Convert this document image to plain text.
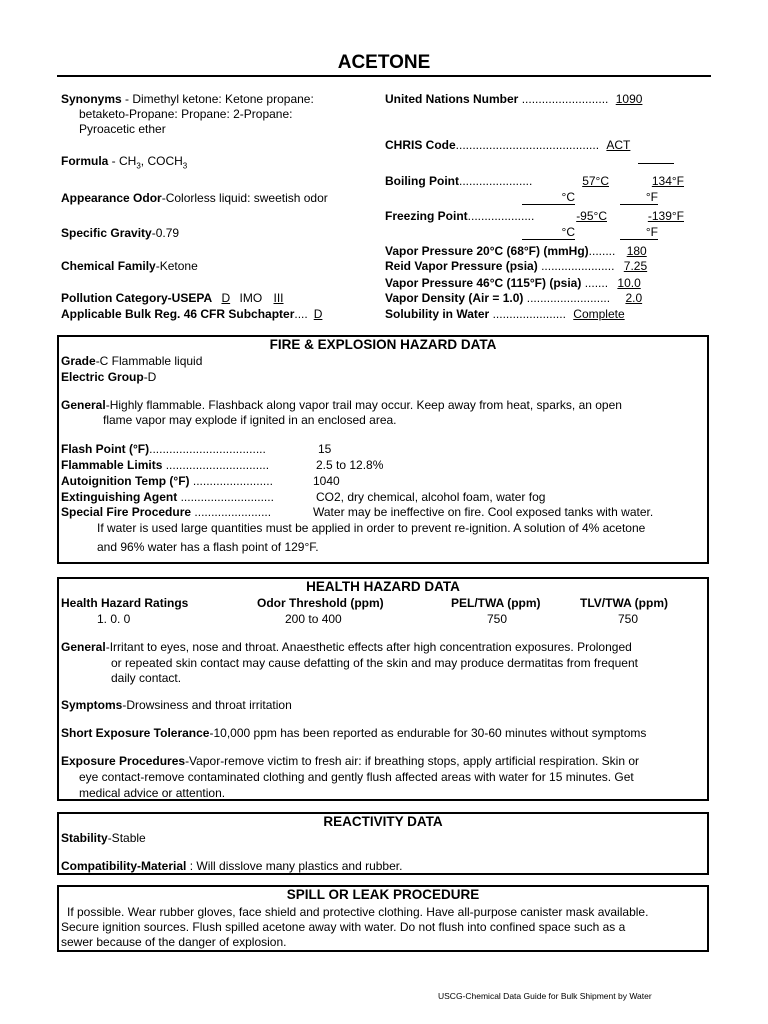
ACETONE
Synonyms - Dimethyl ketone: Ketone propane:
betaketo-Propane: Propane: 2-Propane:
Pyroacetic ether
Formula - $CH_3$, $COCH_3$
Appearance Odor-Colorless liquid: sweetish odor
Specific Gravity-0.79
Chemical Family-Ketone
Pollution Category-USEPA D IMO III
Applicable Bulk Reg. 46 CFR Subchapter.... D
United Nations Number .......................... 1090
CHRIS Code........................................... ACT
Boiling Point......................	57°C	134°F
°C	°F
Freezing Point....................	-95°C	-139°F
°C	°F
Vapor Pressure 20°C (68°F) (mmHg)........ 180
Reid Vapor Pressure (psia) ...................... 7.25
Vapor Pressure 46°C (115°F) (psia) ....... 10.0
Vapor Density (Air = 1.0) ......................... 2.0
Solubility in Water ...................... Complete
FIRE & EXPLOSION HAZARD DATA
Grade-C Flammable liquid
Electric Group-D
General-Highly flammable. Flashback along vapor trail may occur. Keep away from heat, sparks, an open
flame vapor may explode if ignited in an enclosed area.
Flash Point (°F)...................................	15
Flammable Limits ...............................	2.5 to 12.8%
Autoignition Temp (°F) ........................	1040
Extinguishing Agent ............................	CO2, dry chemical, alcohol foam, water fog
Special Fire Procedure .......................	Water may be ineffective on fire. Cool exposed tanks with water.
If water is used large quantities must be applied in order to prevent re-ignition. A solution of 4% acetone
and 96% water has a flash point of 129°F.
HEALTH HAZARD DATA
Health Hazard Ratings	Odor Threshold (ppm)	PEL/TWA (ppm)	TLV/TWA (ppm)
1. 0. 0	200 to 400	750	750
General-Irritant to eyes, nose and throat. Anaesthetic effects after high concentration exposures. Prolonged
or repeated skin contact may cause defatting of the skin and may produce dermatitas from frequent
daily contact.
Symptoms-Drowsiness and throat irritation
Short Exposure Tolerance-10,000 ppm has been reported as endurable for 30-60 minutes without symptoms
Exposure Procedures-Vapor-remove victim to fresh air: if breathing stops, apply artificial respiration. Skin or
eye contact-remove contaminated clothing and gently flush affected areas with water for 15 minutes. Get
medical advice or attention.
REACTIVITY DATA
Stability-Stable
Compatibility-Material : Will disslove many plastics and rubber.
SPILL OR LEAK PROCEDURE
If possible. Wear rubber gloves, face shield and protective clothing. Have all-purpose canister mask available.
Secure ignition sources. Flush spilled acetone away with water. Do not flush into confined space such as a
sewer because of the danger of explosion.
USCG-Chemical Data Guide for Bulk Shipment by Water
